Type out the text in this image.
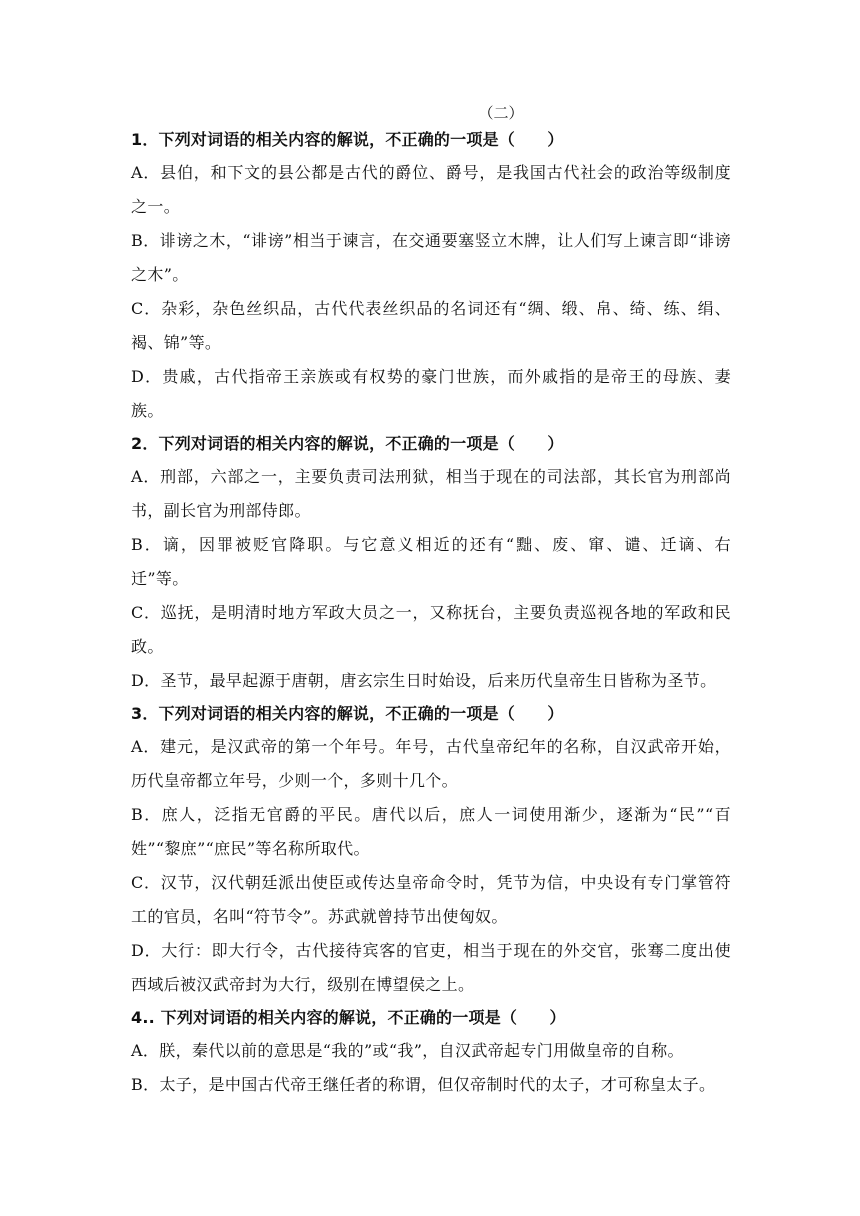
（二）
1．下列对词语的相关内容的解说，不正确的一项是（　　）
A．县伯，和下文的县公都是古代的爵位、爵号，是我国古代社会的政治等级制度之一。
B．诽谤之木，“诽谤”相当于谏言，在交通要塞竖立木牌，让人们写上谏言即“诽谤之木”。
C．杂彩，杂色丝织品，古代代表丝织品的名词还有“绸、缎、帛、绮、练、绢、褐、锦”等。
D．贵戚，古代指帝王亲族或有权势的豪门世族，而外戚指的是帝王的母族、妻族。
2．下列对词语的相关内容的解说，不正确的一项是（　　）
A．刑部，六部之一，主要负责司法刑狱，相当于现在的司法部，其长官为刑部尚书，副长官为刑部侍郎。
B．谪，因罪被贬官降职。与它意义相近的还有“黜、废、窜、谴、迁谪、右迁”等。
C．巡抚，是明清时地方军政大员之一，又称抚台，主要负责巡视各地的军政和民政。
D．圣节，最早起源于唐朝，唐玄宗生日时始设，后来历代皇帝生日皆称为圣节。
3．下列对词语的相关内容的解说，不正确的一项是（　　）
A．建元，是汉武帝的第一个年号。年号，古代皇帝纪年的名称，自汉武帝开始，历代皇帝都立年号，少则一个，多则十几个。
B．庶人，泛指无官爵的平民。唐代以后，庶人一词使用渐少，逐渐为“民”“百姓”“黎庶”“庶民”等名称所取代。
C．汉节，汉代朝廷派出使臣或传达皇帝命令时，凭节为信，中央设有专门掌管符工的官员，名叫“符节令”。苏武就曾持节出使匈奴。
D．大行：即大行令，古代接待宾客的官吏，相当于现在的外交官，张骞二度出使西域后被汉武帝封为大行，级别在博望侯之上。
4.. 下列对词语的相关内容的解说，不正确的一项是（　　）
A．朕，秦代以前的意思是“我的”或“我”，自汉武帝起专门用做皇帝的自称。
B．太子，是中国古代帝王继任者的称谓，但仅帝制时代的太子，才可称皇太子。
